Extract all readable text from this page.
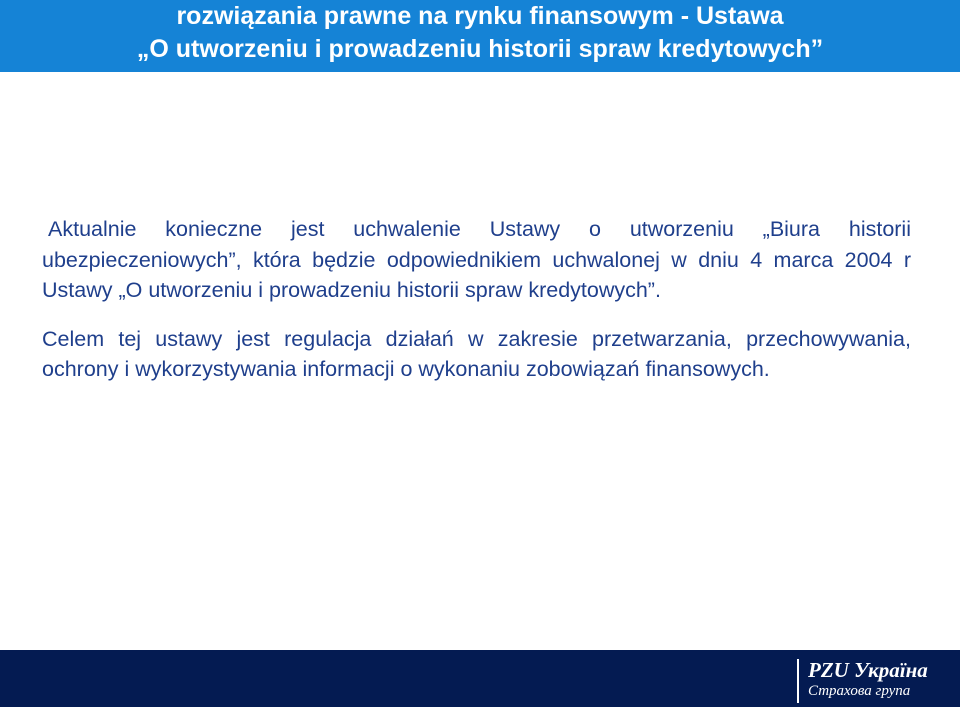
rozwiązania prawne na rynku finansowym - Ustawa
„O utworzeniu i prowadzeniu historii spraw kredytowych”

Aktualnie konieczne jest uchwalenie Ustawy o utworzeniu „Biura historii ubezpieczeniowych”, która będzie odpowiednikiem uchwalonej w dniu 4 marca 2004 r Ustawy „O utworzeniu i prowadzeniu historii spraw kredytowych”.

Celem tej ustawy jest regulacja działań w zakresie przetwarzania, przechowywania, ochrony i wykorzystywania informacji o wykonaniu zobowiązań finansowych.

PZU Україна
Страхова група
